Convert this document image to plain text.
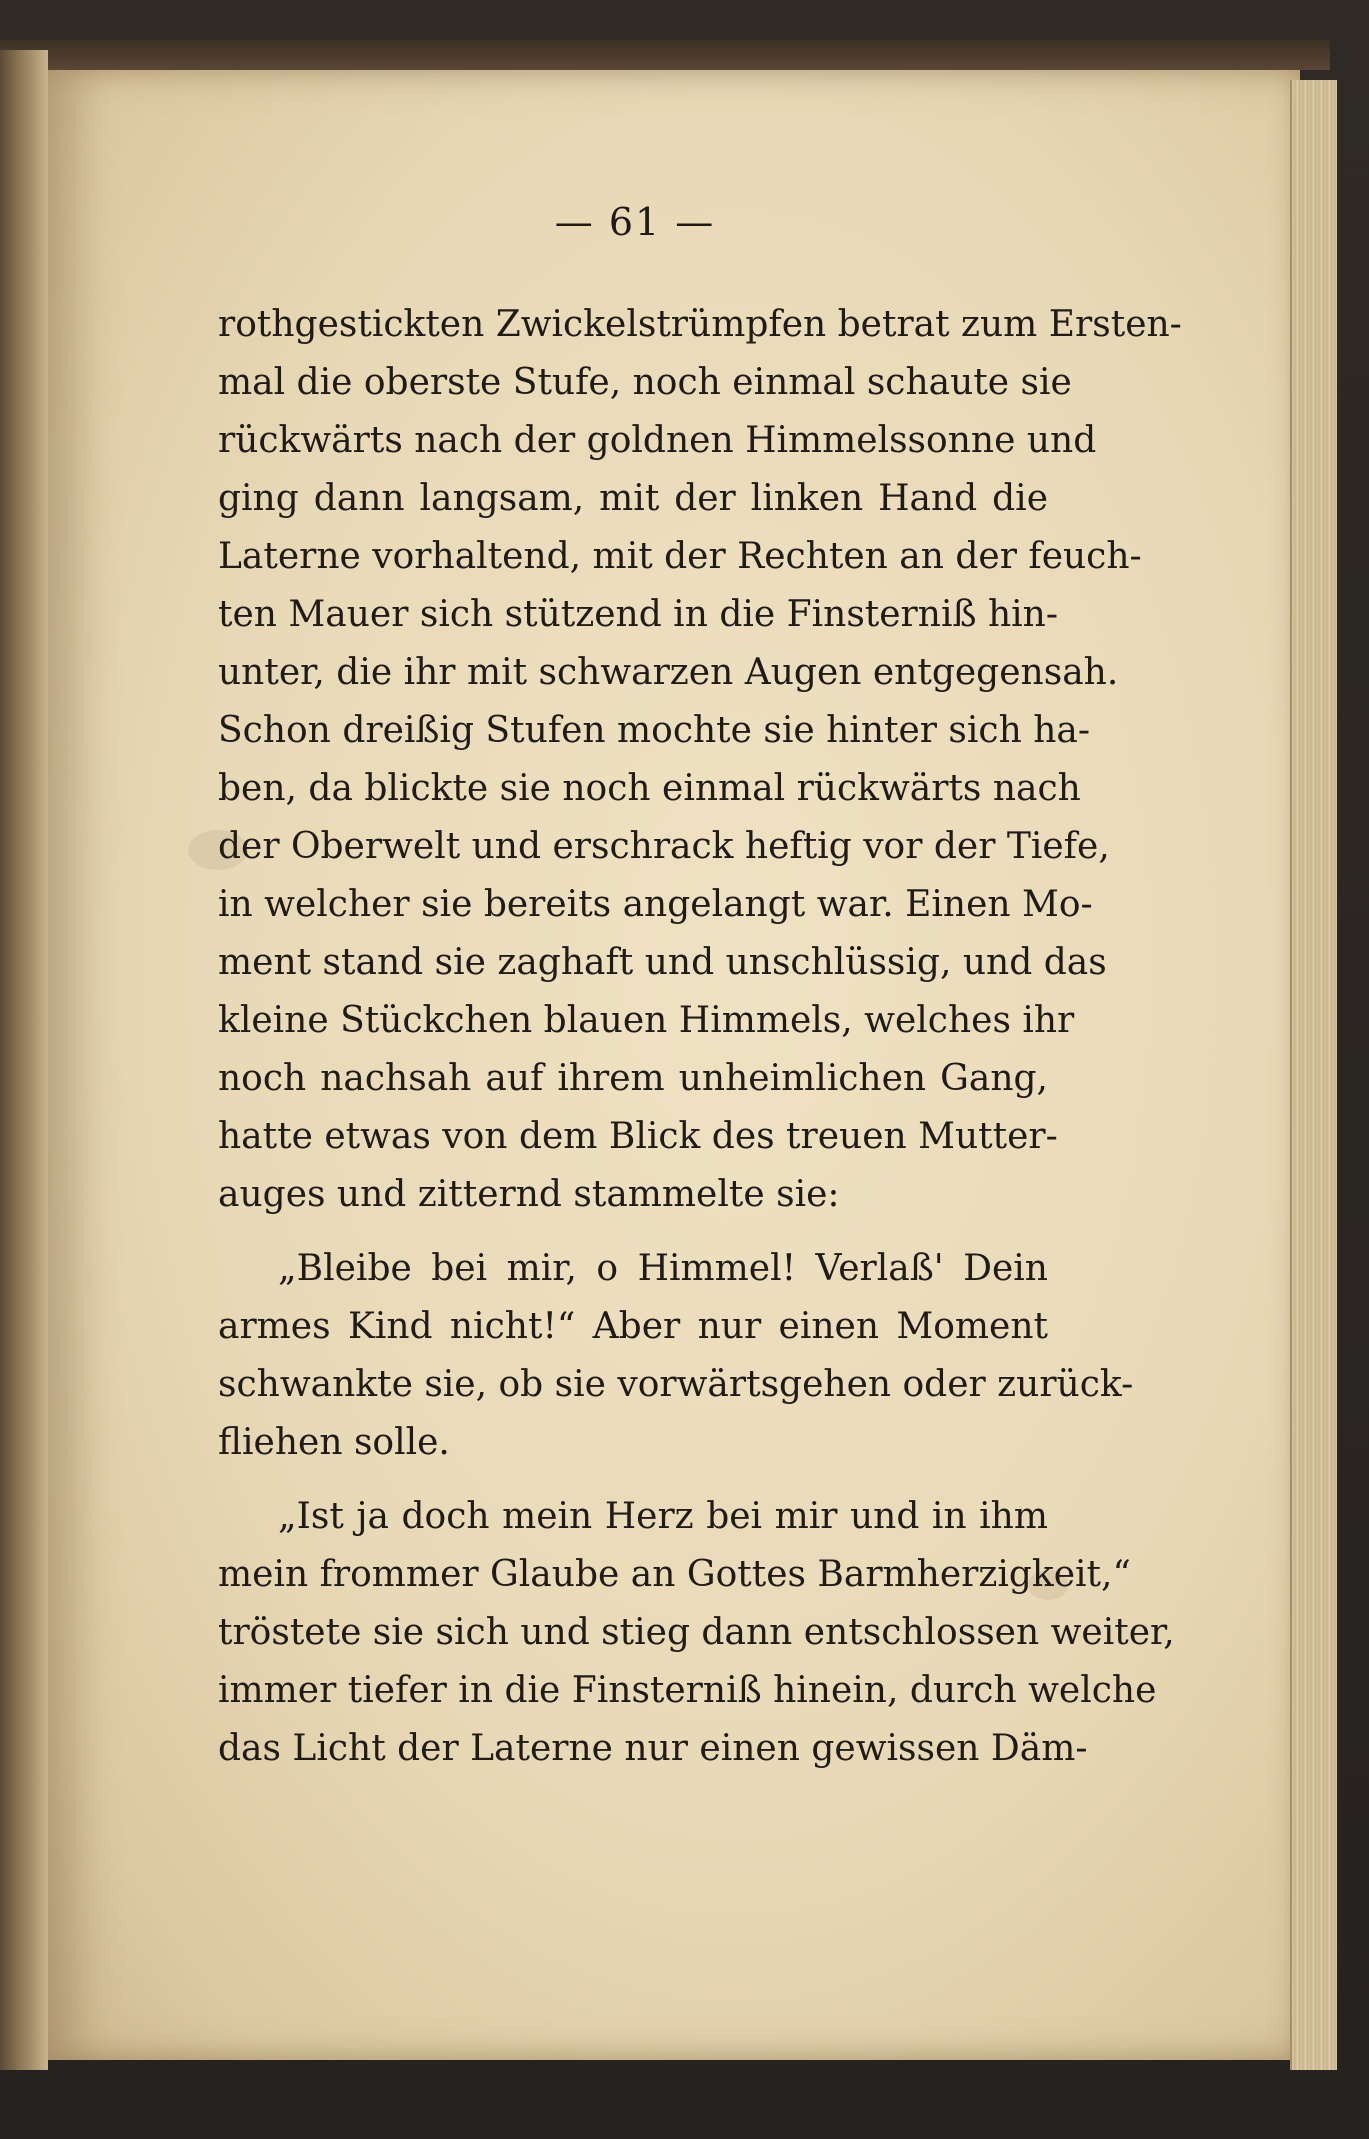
— 61 —
rothgestickten Zwickelstrümpfen betrat zum Ersten-
mal die oberste Stufe, noch einmal schaute sie
rückwärts nach der goldnen Himmelssonne und
ging dann langsam, mit der linken Hand die
Laterne vorhaltend, mit der Rechten an der feuch-
ten Mauer sich stützend in die Finsterniß hin-
unter, die ihr mit schwarzen Augen entgegensah.
Schon dreißig Stufen mochte sie hinter sich ha-
ben, da blickte sie noch einmal rückwärts nach
der Oberwelt und erschrack heftig vor der Tiefe,
in welcher sie bereits angelangt war. Einen Mo-
ment stand sie zaghaft und unschlüssig, und das
kleine Stückchen blauen Himmels, welches ihr
noch nachsah auf ihrem unheimlichen Gang,
hatte etwas von dem Blick des treuen Mutter-
auges und zitternd stammelte sie:
„Bleibe bei mir, o Himmel! Verlaß' Dein
armes Kind nicht!“ Aber nur einen Moment
schwankte sie, ob sie vorwärtsgehen oder zurück-
fliehen solle.
„Ist ja doch mein Herz bei mir und in ihm
mein frommer Glaube an Gottes Barmherzigkeit,“
tröstete sie sich und stieg dann entschlossen weiter,
immer tiefer in die Finsterniß hinein, durch welche
das Licht der Laterne nur einen gewissen Däm-
